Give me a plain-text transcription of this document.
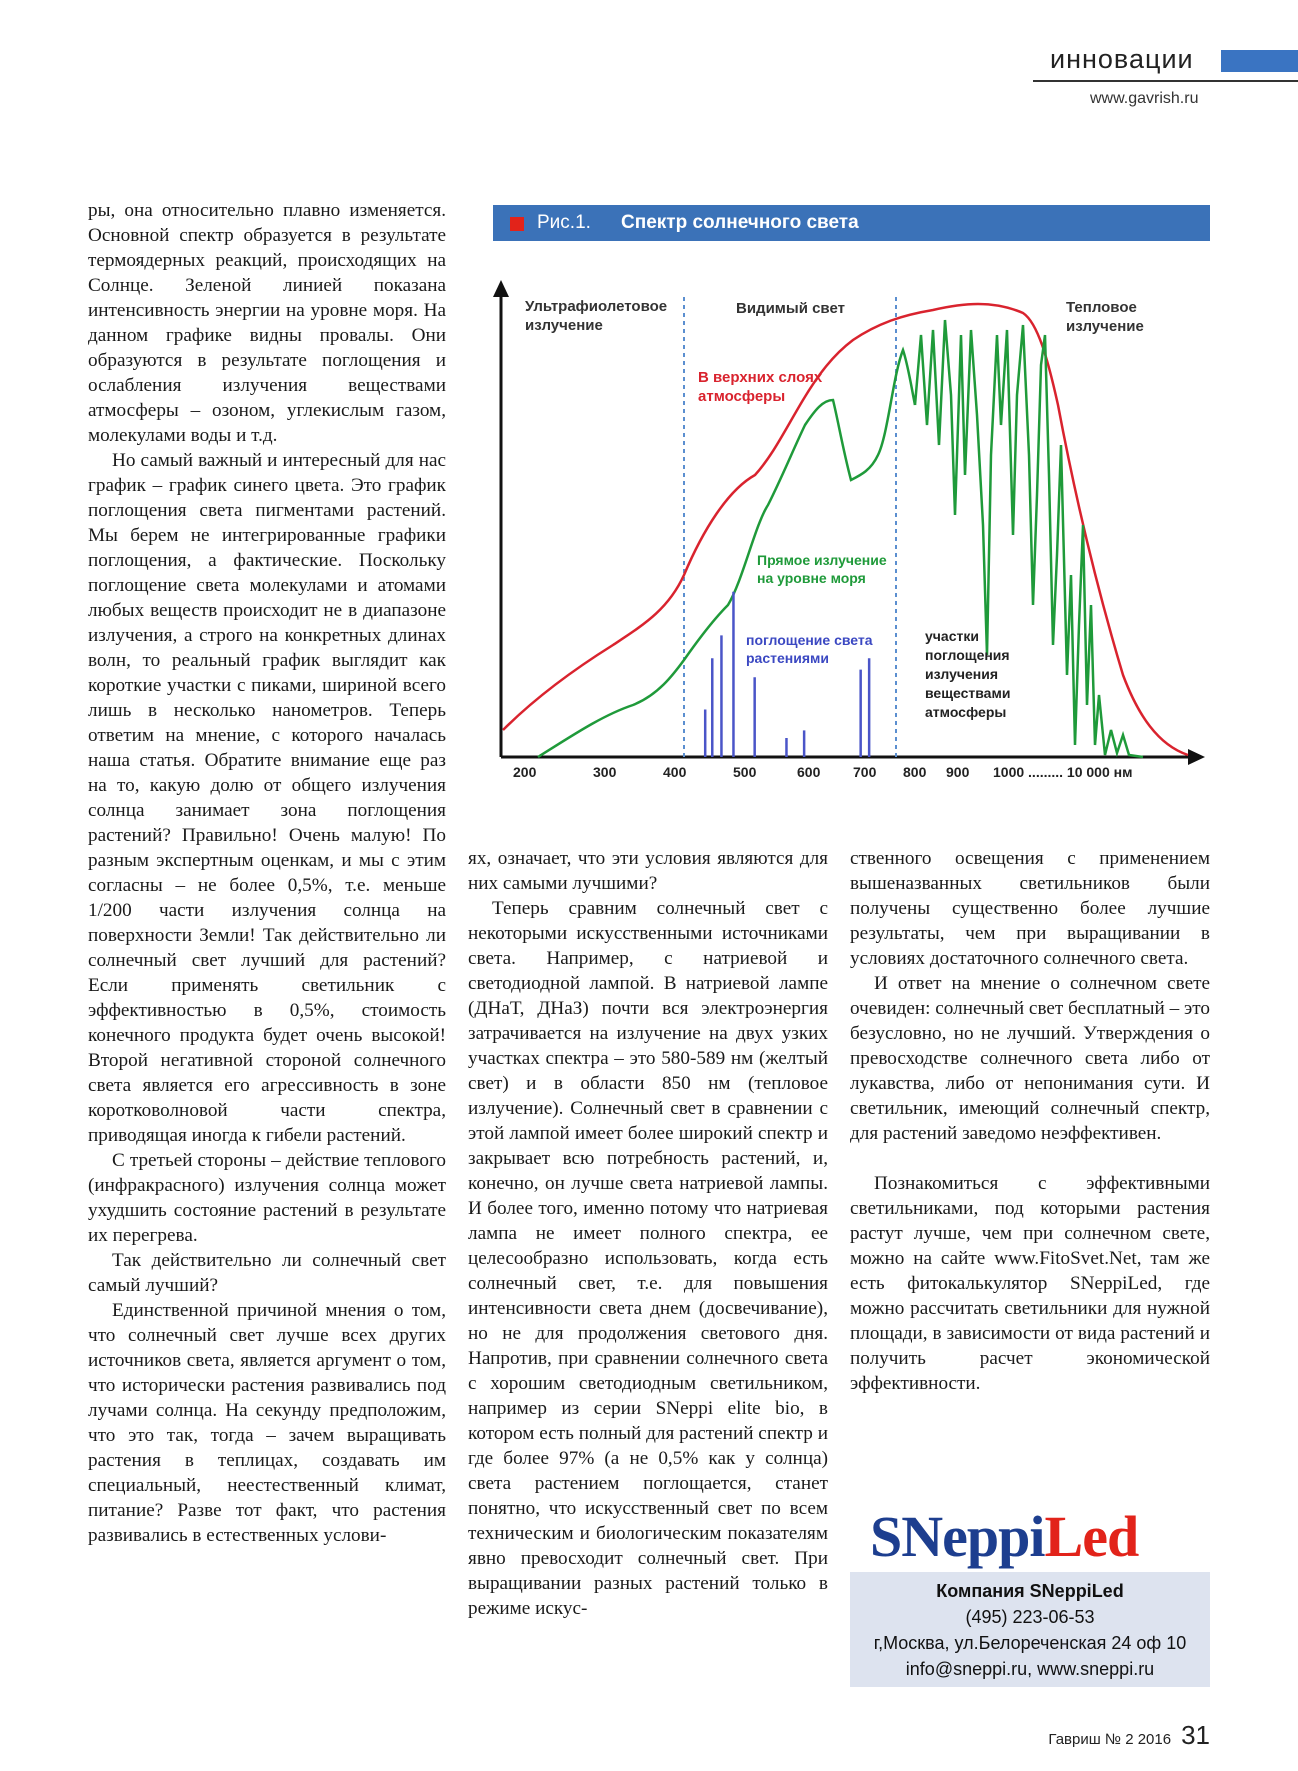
инновации
www.gavrish.ru

ры, она относительно плавно изменяется. Основной спектр образуется в результате термоядерных реакций, происходящих на Солнце. Зеленой линией показана интенсивность энергии на уровне моря. На данном графике видны провалы. Они образуются в результате поглощения и ослабления излучения веществами атмосферы – озоном, углекислым газом, молекулами воды и т.д.

Но самый важный и интересный для нас график – график синего цвета. Это график поглощения света пигментами растений. Мы берем не интегрированные графики поглощения, а фактические. Поскольку поглощение света молекулами и атомами любых веществ происходит не в диапазоне излучения, а строго на конкретных длинах волн, то реальный график выглядит как короткие участки с пиками, шириной всего лишь в несколько нанометров. Теперь ответим на мнение, с которого началась наша статья. Обратите внимание еще раз на то, какую долю от общего излучения солнца занимает зона поглощения растений? Правильно! Очень малую! По разным экспертным оценкам, и мы с этим согласны – не более 0,5%, т.е. меньше 1/200 части излучения солнца на поверхности Земли! Так действительно ли солнечный свет лучший для растений? Если применять светильник с эффективностью в 0,5%, стоимость конечного продукта будет очень высокой! Второй негативной стороной солнечного света является его агрессивность в зоне коротковолновой части спектра, приводящая иногда к гибели растений.

С третьей стороны – действие теплового (инфракрасного) излучения солнца может ухудшить состояние растений в результате их перегрева.

Так действительно ли солнечный свет самый лучший?

Единственной причиной мнения о том, что солнечный свет лучше всех других источников света, является аргумент о том, что исторически растения развивались под лучами солнца. На секунду предположим, что это так, тогда – зачем выращивать растения в теплицах, создавать им специальный, неестественный климат, питание? Разве тот факт, что растения развивались в естественных услови-

Рис.1. Спектр солнечного света
Ультрафиолетовое
излучение
Видимый свет	Тепловое
излучение
В верхних слоях
атмосферы
Прямое излучение
на уровне моря
поглощение света
растениями
участки
поглощения
излучения
веществами
атмосферы
200	300	400	500	600 700 800 900 1000 ......... 10 000 нм

ях, означает, что эти условия являются для них самыми лучшими?

Теперь сравним солнечный свет с некоторыми искусственными источниками света. Например, с натриевой и светодиодной лампой. В натриевой лампе (ДНаТ, ДНаЗ) почти вся электроэнергия затрачивается на излучение на двух узких участках спектра – это 580-589 нм (желтый свет) и в области 850 нм (тепловое излучение). Солнечный свет в сравнении с этой лампой имеет более широкий спектр и закрывает всю потребность растений, и, конечно, он лучше света натриевой лампы. И более того, именно потому что натриевая лампа не имеет полного спектра, ее целесообразно использовать, когда есть солнечный свет, т.е. для повышения интенсивности света днем (досвечивание), но не для продолжения светового дня. Напротив, при сравнении солнечного света с хорошим светодиодным светильником, например из серии SNeppi elite bio, в котором есть полный для растений спектр и где более 97% (а не 0,5% как у солнца) света растением поглощается, станет понятно, что искусственный свет по всем техническим и биологическим показателям явно превосходит солнечный свет. При выращивании разных растений только в режиме искус-

ственного освещения с применением вышеназванных светильников были получены существенно более лучшие результаты, чем при выращивании в условиях достаточного солнечного света.

И ответ на мнение о солнечном свете очевиден: солнечный свет бесплатный – это безусловно, но не лучший. Утверждения о превосходстве солнечного света либо от лукавства, либо от непонимания сути. И светильник, имеющий солнечный спектр, для растений заведомо неэффективен.

Познакомиться с эффективными светильниками, под которыми растения растут лучше, чем при солнечном свете, можно на сайте www.FitoSvet.Net, там же есть фитокалькулятор SNeppiLed, где можно рассчитать светильники для нужной площади, в зависимости от вида растений и получить расчет экономической эффективности.

SNeppiLed
Компания SNeppiLed
(495) 223-06-53
г,Москва, ул.Белореченская 24 оф 10
info@sneppi.ru, www.sneppi.ru
Гавриш № 2 2016 31
